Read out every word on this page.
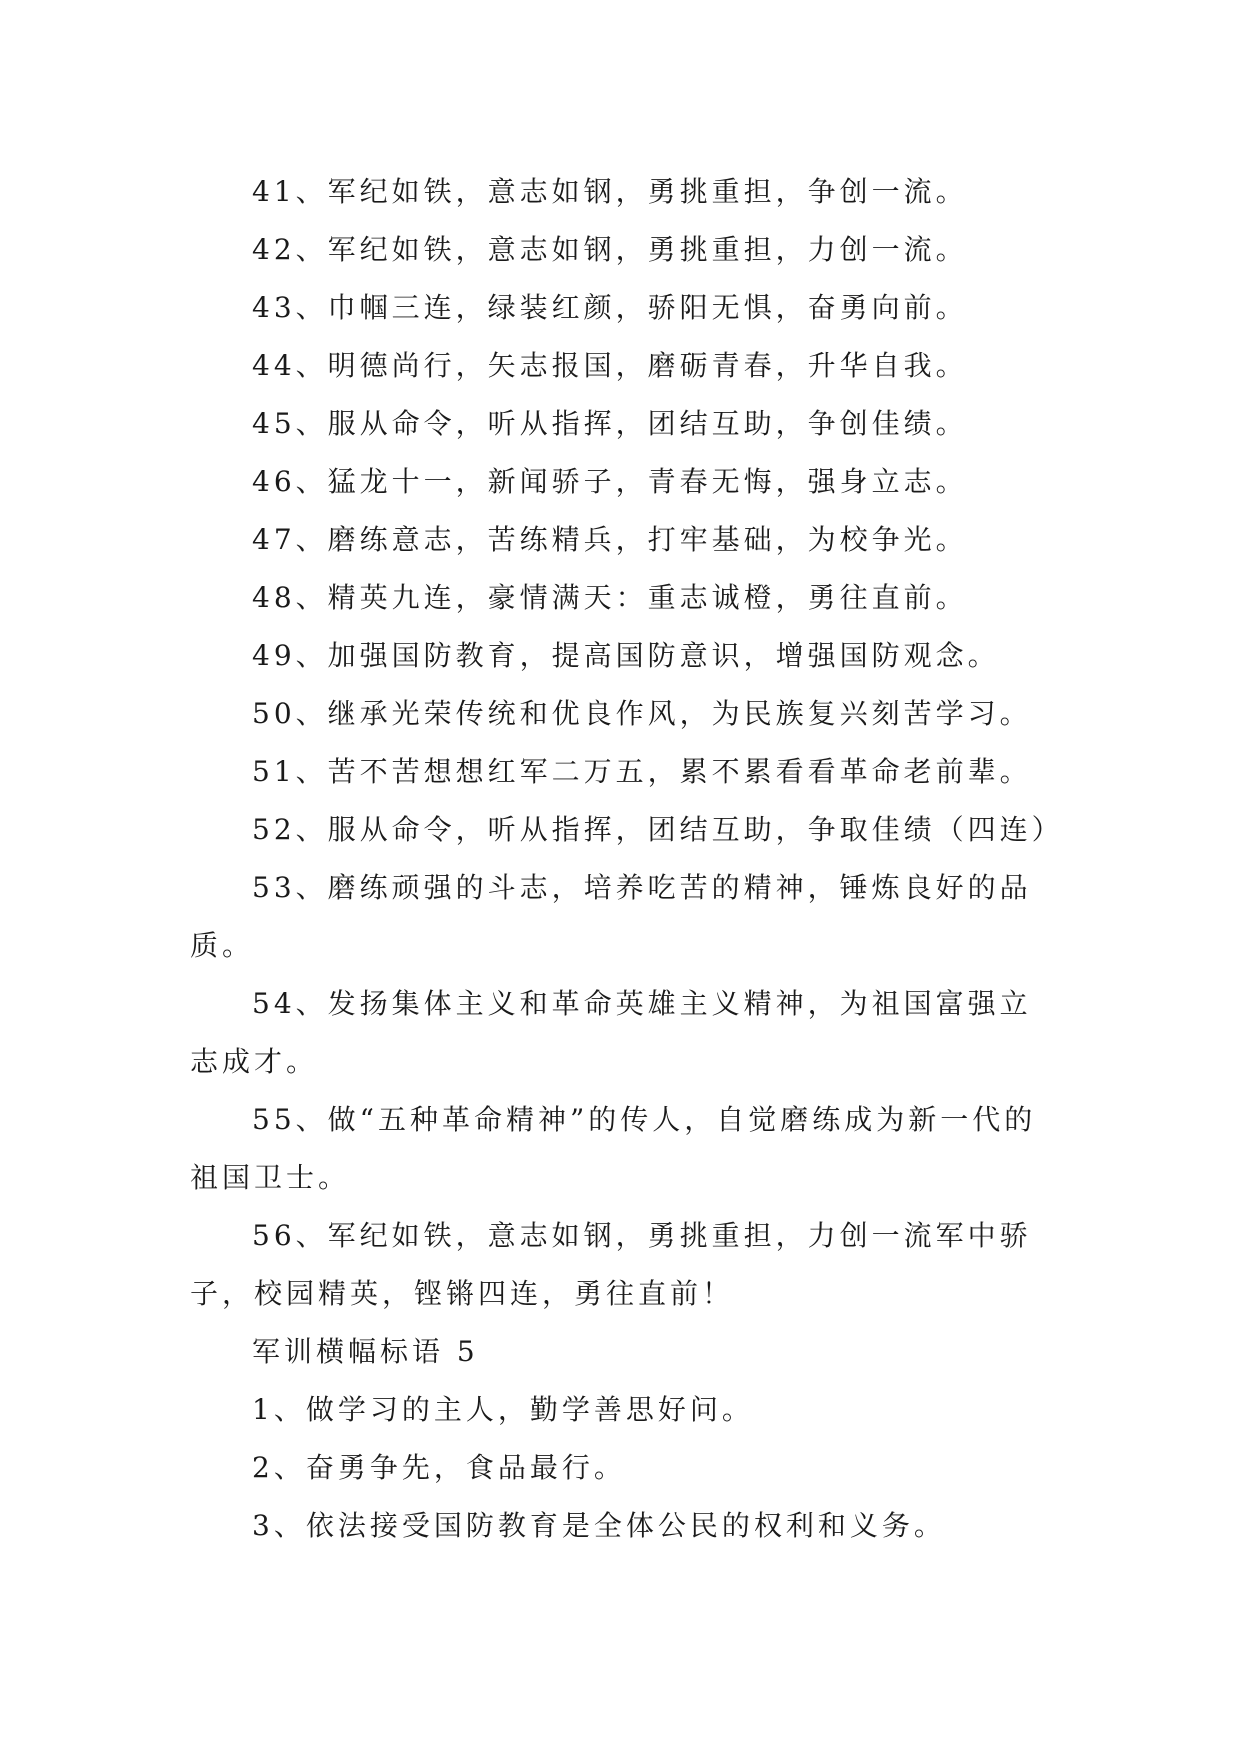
41、军纪如铁，意志如钢，勇挑重担，争创一流。

42、军纪如铁，意志如钢，勇挑重担，力创一流。

43、巾帼三连，绿装红颜，骄阳无惧，奋勇向前。

44、明德尚行，矢志报国，磨砺青春，升华自我。

45、服从命令，听从指挥，团结互助，争创佳绩。

46、猛龙十一，新闻骄子，青春无悔，强身立志。

47、磨练意志，苦练精兵，打牢基础，为校争光。

48、精英九连，豪情满天：重志诚橙，勇往直前。

49、加强国防教育，提高国防意识，增强国防观念。

50、继承光荣传统和优良作风，为民族复兴刻苦学习。

51、苦不苦想想红军二万五，累不累看看革命老前辈。

52、服从命令，听从指挥，团结互助，争取佳绩（四连）

53、磨练顽强的斗志，培养吃苦的精神，锤炼良好的品质。

54、发扬集体主义和革命英雄主义精神，为祖国富强立志成才。

55、做“五种革命精神”的传人，自觉磨练成为新一代的祖国卫士。

56、军纪如铁，意志如钢，勇挑重担，力创一流军中骄子，校园精英，铿锵四连，勇往直前！

军训横幅标语 5

1、做学习的主人，勤学善思好问。

2、奋勇争先，食品最行。

3、依法接受国防教育是全体公民的权利和义务。
